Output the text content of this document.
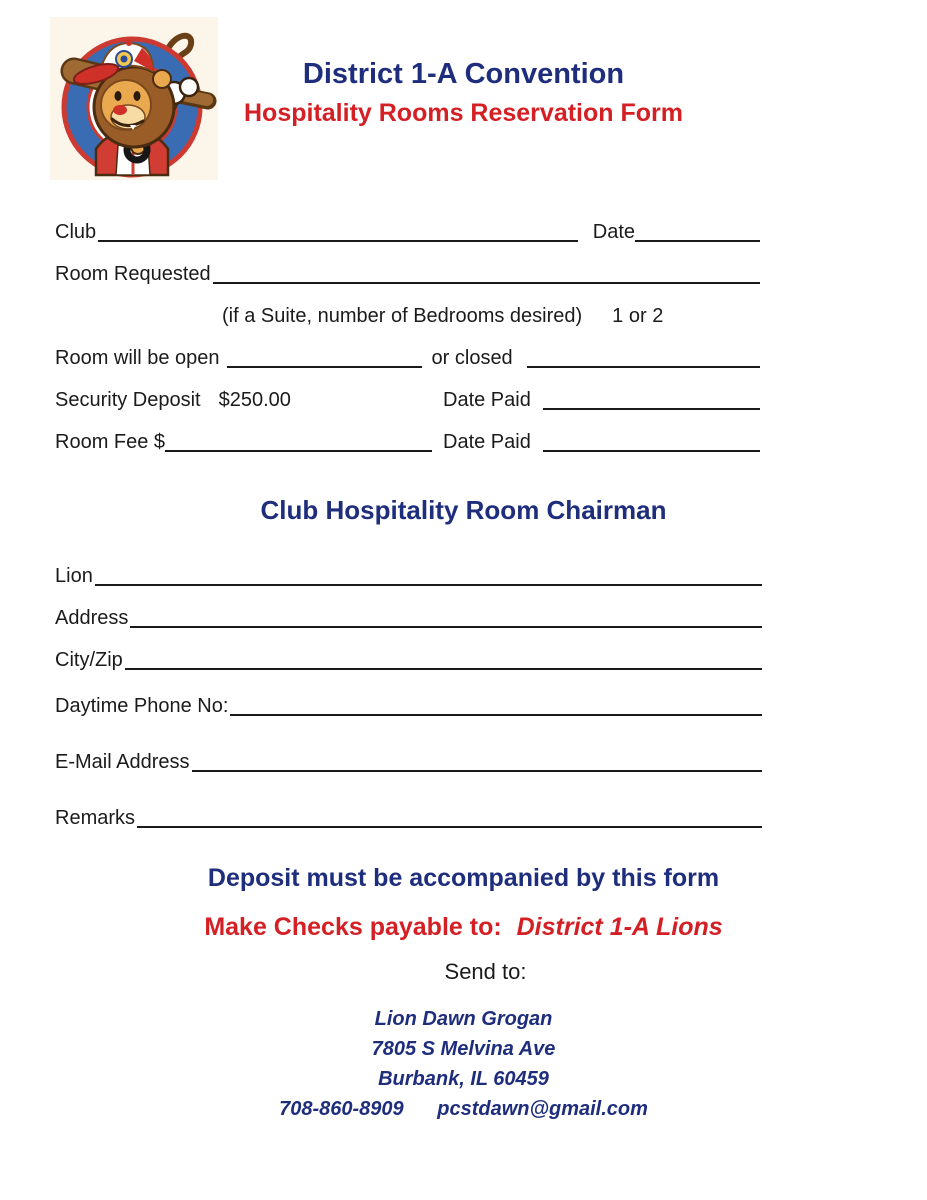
District 1-A Convention
Hospitality Rooms Reservation Form
Club	Date
Room Requested
(if a Suite, number of Bedrooms desired) 1 or 2
Room will be open	or closed
Security Deposit $250.00	Date Paid
Room Fee $	Date Paid
Club Hospitality Room Chairman
Lion
Address
City/Zip
Daytime Phone No:
E-Mail Address
Remarks
Deposit must be accompanied by this form
Make Checks payable to: District 1-A Lions
Send to:
Lion Dawn Grogan
7805 S Melvina Ave
Burbank, IL 60459
708-860-8909 pcstdawn@gmail.com
